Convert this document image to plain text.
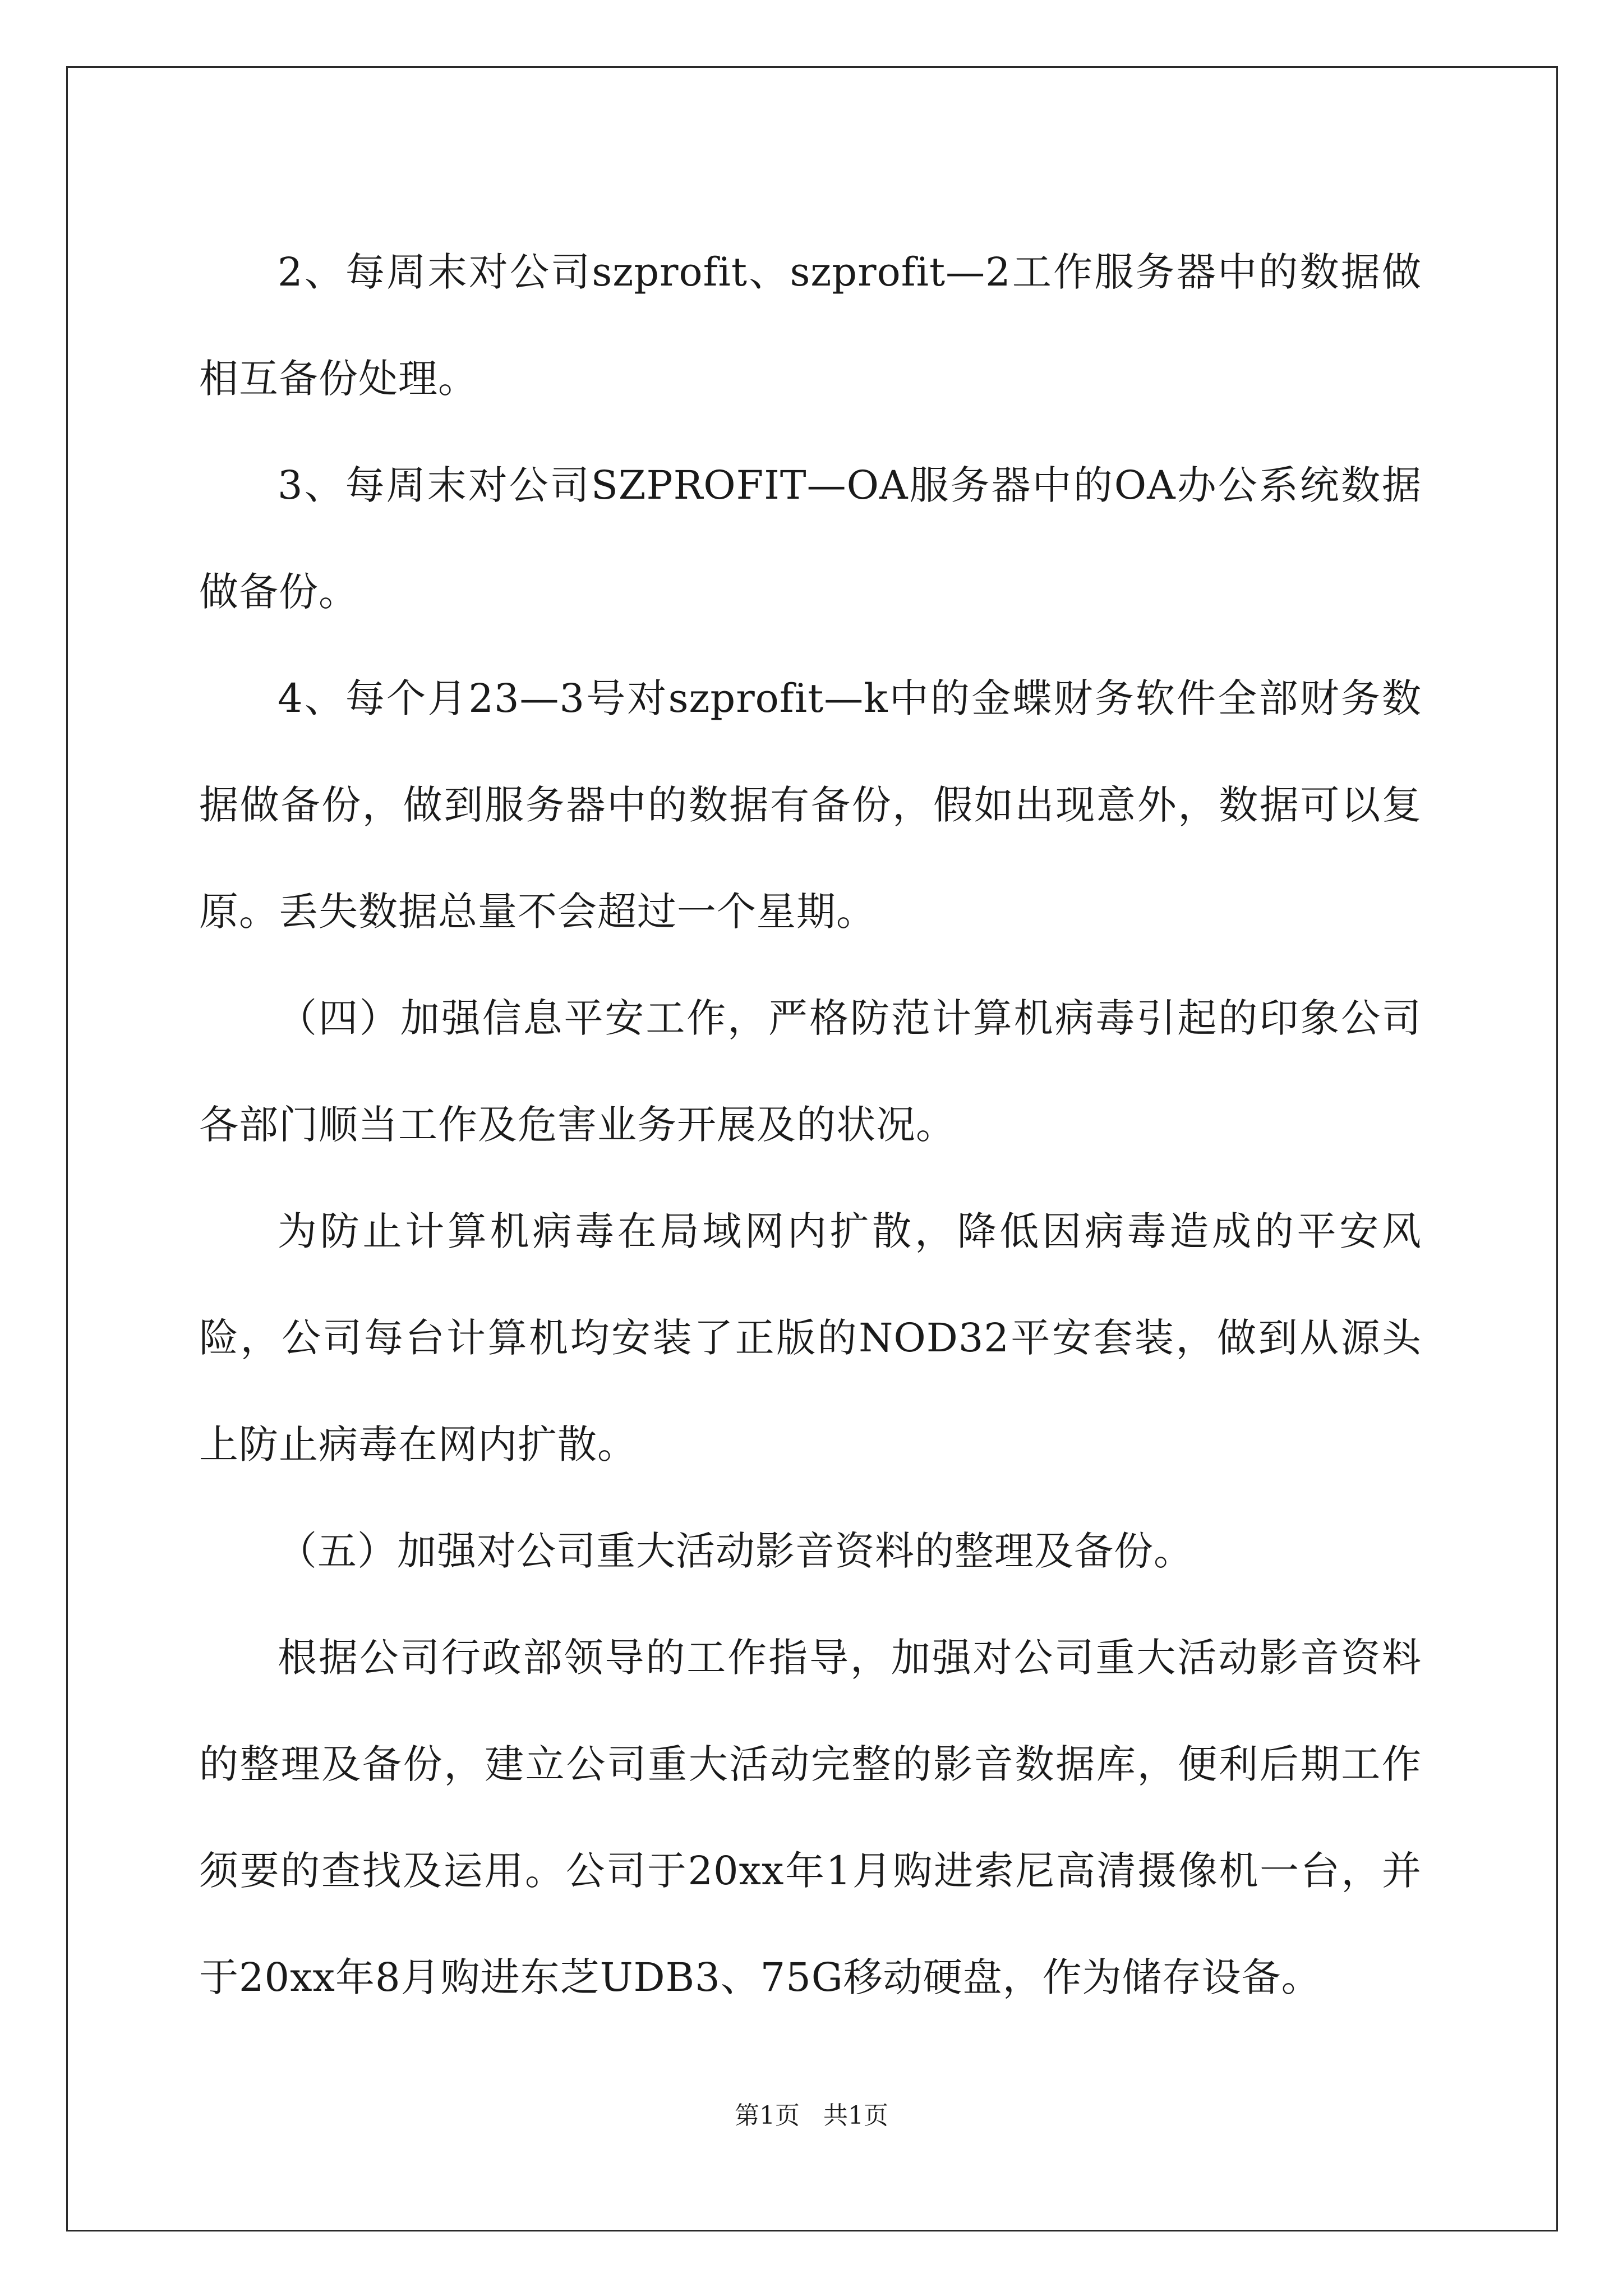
2、每周末对公司szprofit、szprofit—2工作服务器中的数据做相互备份处理。

3、每周末对公司SZPROFIT—OA服务器中的OA办公系统数据做备份。

4、每个月23—3号对szprofit—k中的金蝶财务软件全部财务数据做备份，做到服务器中的数据有备份，假如出现意外，数据可以复原。丢失数据总量不会超过一个星期。

（四）加强信息平安工作，严格防范计算机病毒引起的印象公司各部门顺当工作及危害业务开展及的状况。

为防止计算机病毒在局域网内扩散，降低因病毒造成的平安风险，公司每台计算机均安装了正版的NOD32平安套装，做到从源头上防止病毒在网内扩散。

（五）加强对公司重大活动影音资料的整理及备份。

根据公司行政部领导的工作指导，加强对公司重大活动影音资料的整理及备份，建立公司重大活动完整的影音数据库，便利后期工作须要的查找及运用。公司于20xx年1月购进索尼高清摄像机一台，并于20xx年8月购进东芝UDB3、75G移动硬盘，作为储存设备。

第1页 共1页
